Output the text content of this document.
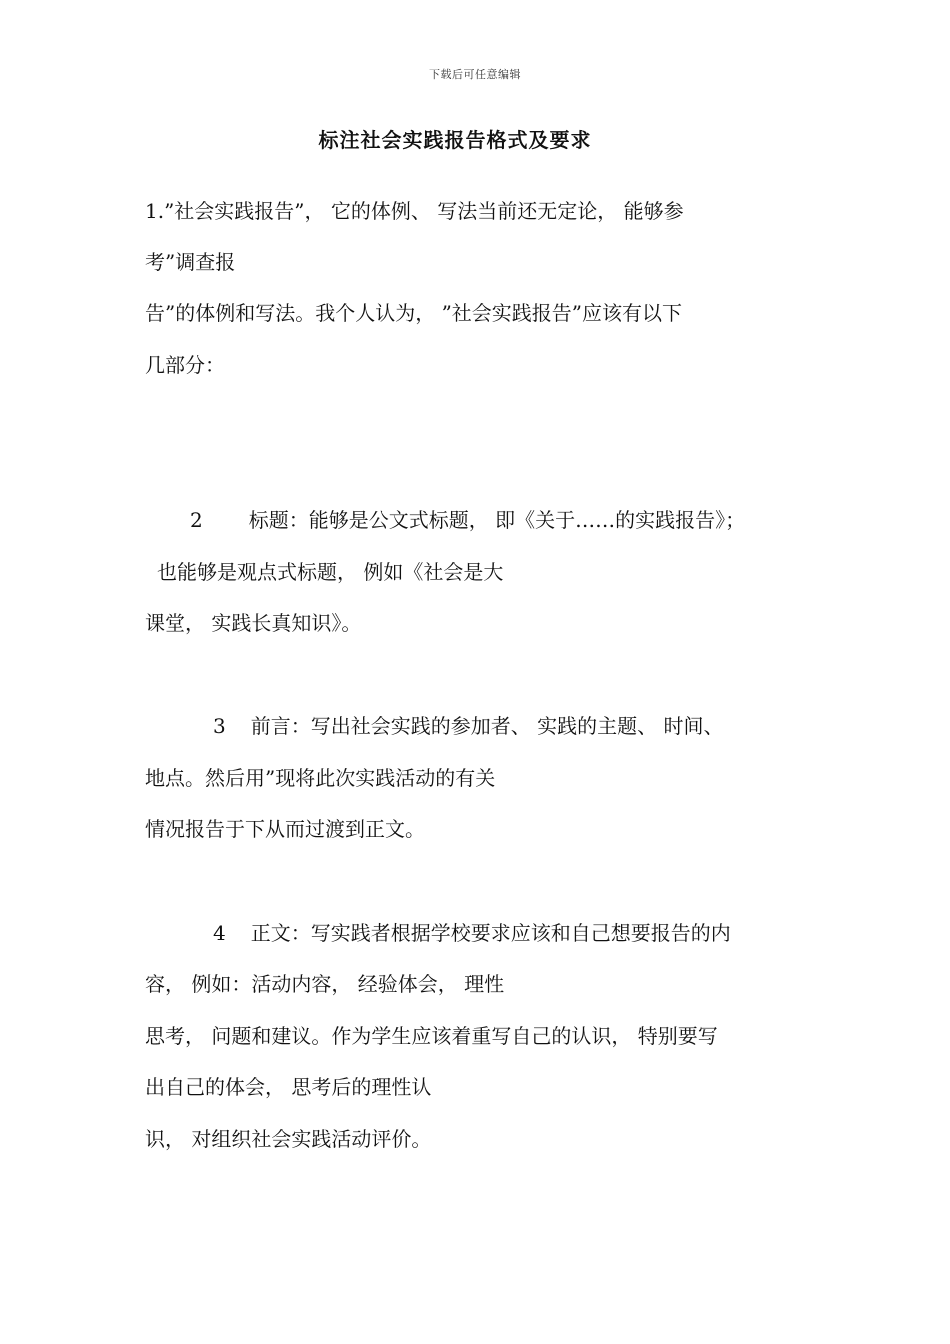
下载后可任意编辑
标注社会实践报告格式及要求
1.”社会实践报告”， 它的体例、 写法当前还无定论， 能够参
考”调查报
告”的体例和写法。我个人认为， ”社会实践报告”应该有以下
几部分：
2 标题：能够是公文式标题， 即《关于……的实践报告》；
也能够是观点式标题， 例如《社会是大
课堂， 实践长真知识》。
3 前言：写出社会实践的参加者、 实践的主题、 时间、
地点。然后用”现将此次实践活动的有关
情况报告于下从而过渡到正文。
4 正文：写实践者根据学校要求应该和自己想要报告的内
容， 例如：活动内容， 经验体会， 理性
思考， 问题和建议。作为学生应该着重写自己的认识， 特别要写
出自己的体会， 思考后的理性认
识， 对组织社会实践活动评价。
